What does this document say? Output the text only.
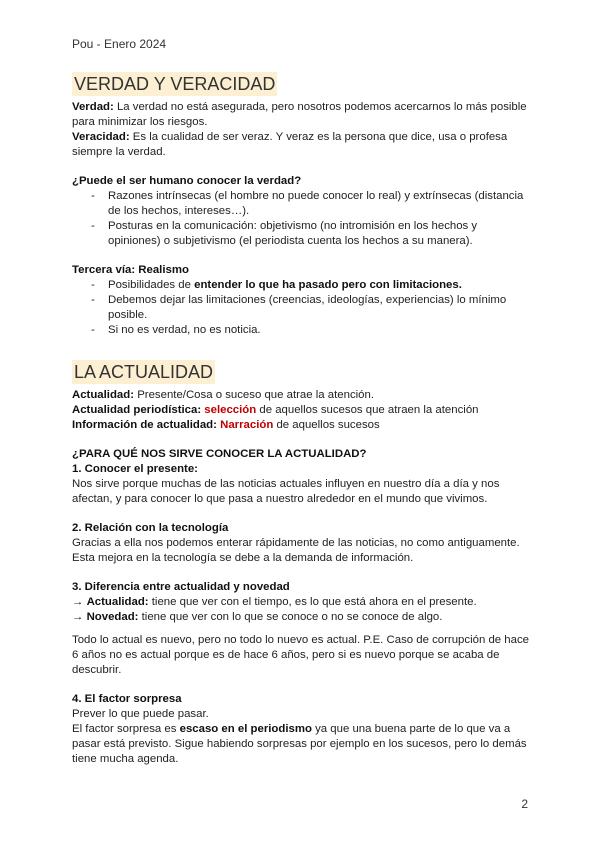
Pou - Enero 2024
VERDAD Y VERACIDAD

Verdad: La verdad no está asegurada, pero nosotros podemos acercarnos lo más posible para minimizar los riesgos.

Veracidad: Es la cualidad de ser veraz. Y veraz es la persona que dice, usa o profesa siempre la verdad.

¿Puede el ser humano conocer la verdad?

- Razones intrínsecas (el hombre no puede conocer lo real) y extrínsecas (distancia de los hechos, intereses…).
- Posturas en la comunicación: objetivismo (no intromisión en los hechos y opiniones) o subjetivismo (el periodista cuenta los hechos a su manera).

Tercera vía: Realismo

- Posibilidades de entender lo que ha pasado pero con limitaciones.
- Debemos dejar las limitaciones (creencias, ideologías, experiencias) lo mínimo posible.
- Si no es verdad, no es noticia.
LA ACTUALIDAD

Actualidad: Presente/Cosa o suceso que atrae la atención.

Actualidad periodística: selección de aquellos sucesos que atraen la atención

Información de actualidad: Narración de aquellos sucesos

¿PARA QUÉ NOS SIRVE CONOCER LA ACTUALIDAD?

1. Conocer el presente:

Nos sirve porque muchas de las noticias actuales influyen en nuestro día a día y nos afectan, y para conocer lo que pasa a nuestro alrededor en el mundo que vivimos.

2. Relación con la tecnología

Gracias a ella nos podemos enterar rápidamente de las noticias, no como antiguamente. Esta mejora en la tecnología se debe a la demanda de información.

3. Diferencia entre actualidad y novedad

→ Actualidad: tiene que ver con el tiempo, es lo que está ahora en el presente.

→ Novedad: tiene que ver con lo que se conoce o no se conoce de algo.

Todo lo actual es nuevo, pero no todo lo nuevo es actual. P.E. Caso de corrupción de hace 6 años no es actual porque es de hace 6 años, pero si es nuevo porque se acaba de descubrir.

4. El factor sorpresa

Prever lo que puede pasar.

El factor sorpresa es escaso en el periodismo ya que una buena parte de lo que va a pasar está previsto. Sigue habiendo sorpresas por ejemplo en los sucesos, pero lo demás tiene mucha agenda.

2
